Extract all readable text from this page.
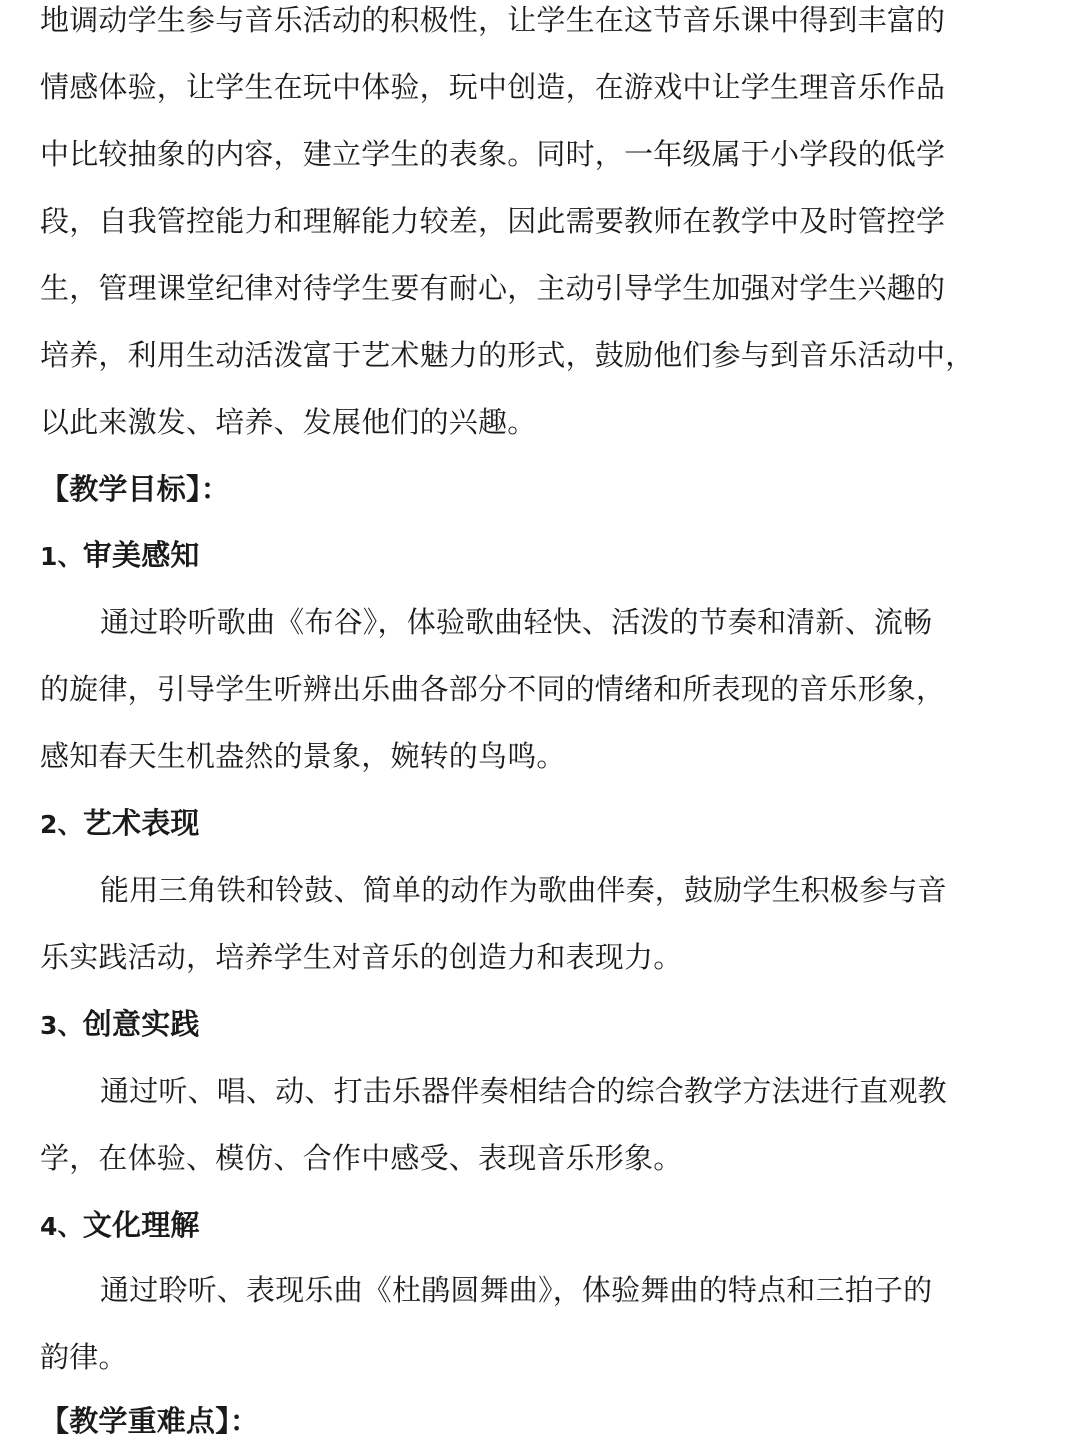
地调动学生参与音乐活动的积极性，让学生在这节音乐课中得到丰富的
情感体验，让学生在玩中体验，玩中创造，在游戏中让学生理音乐作品
中比较抽象的内容，建立学生的表象。同时，一年级属于小学段的低学
段，自我管控能力和理解能力较差，因此需要教师在教学中及时管控学
生，管理课堂纪律对待学生要有耐心，主动引导学生加强对学生兴趣的
培养，利用生动活泼富于艺术魅力的形式，鼓励他们参与到音乐活动中，
以此来激发、培养、发展他们的兴趣。
【教学目标】：
1、审美感知
通过聆听歌曲《布谷》，体验歌曲轻快、活泼的节奏和清新、流畅
的旋律，引导学生听辨出乐曲各部分不同的情绪和所表现的音乐形象，
感知春天生机盎然的景象，婉转的鸟鸣。
2、艺术表现
能用三角铁和铃鼓、简单的动作为歌曲伴奏，鼓励学生积极参与音
乐实践活动，培养学生对音乐的创造力和表现力。
3、创意实践
通过听、唱、动、打击乐器伴奏相结合的综合教学方法进行直观教
学，在体验、模仿、合作中感受、表现音乐形象。
4、文化理解
通过聆听、表现乐曲《杜鹃圆舞曲》，体验舞曲的特点和三拍子的
韵律。
【教学重难点】：
